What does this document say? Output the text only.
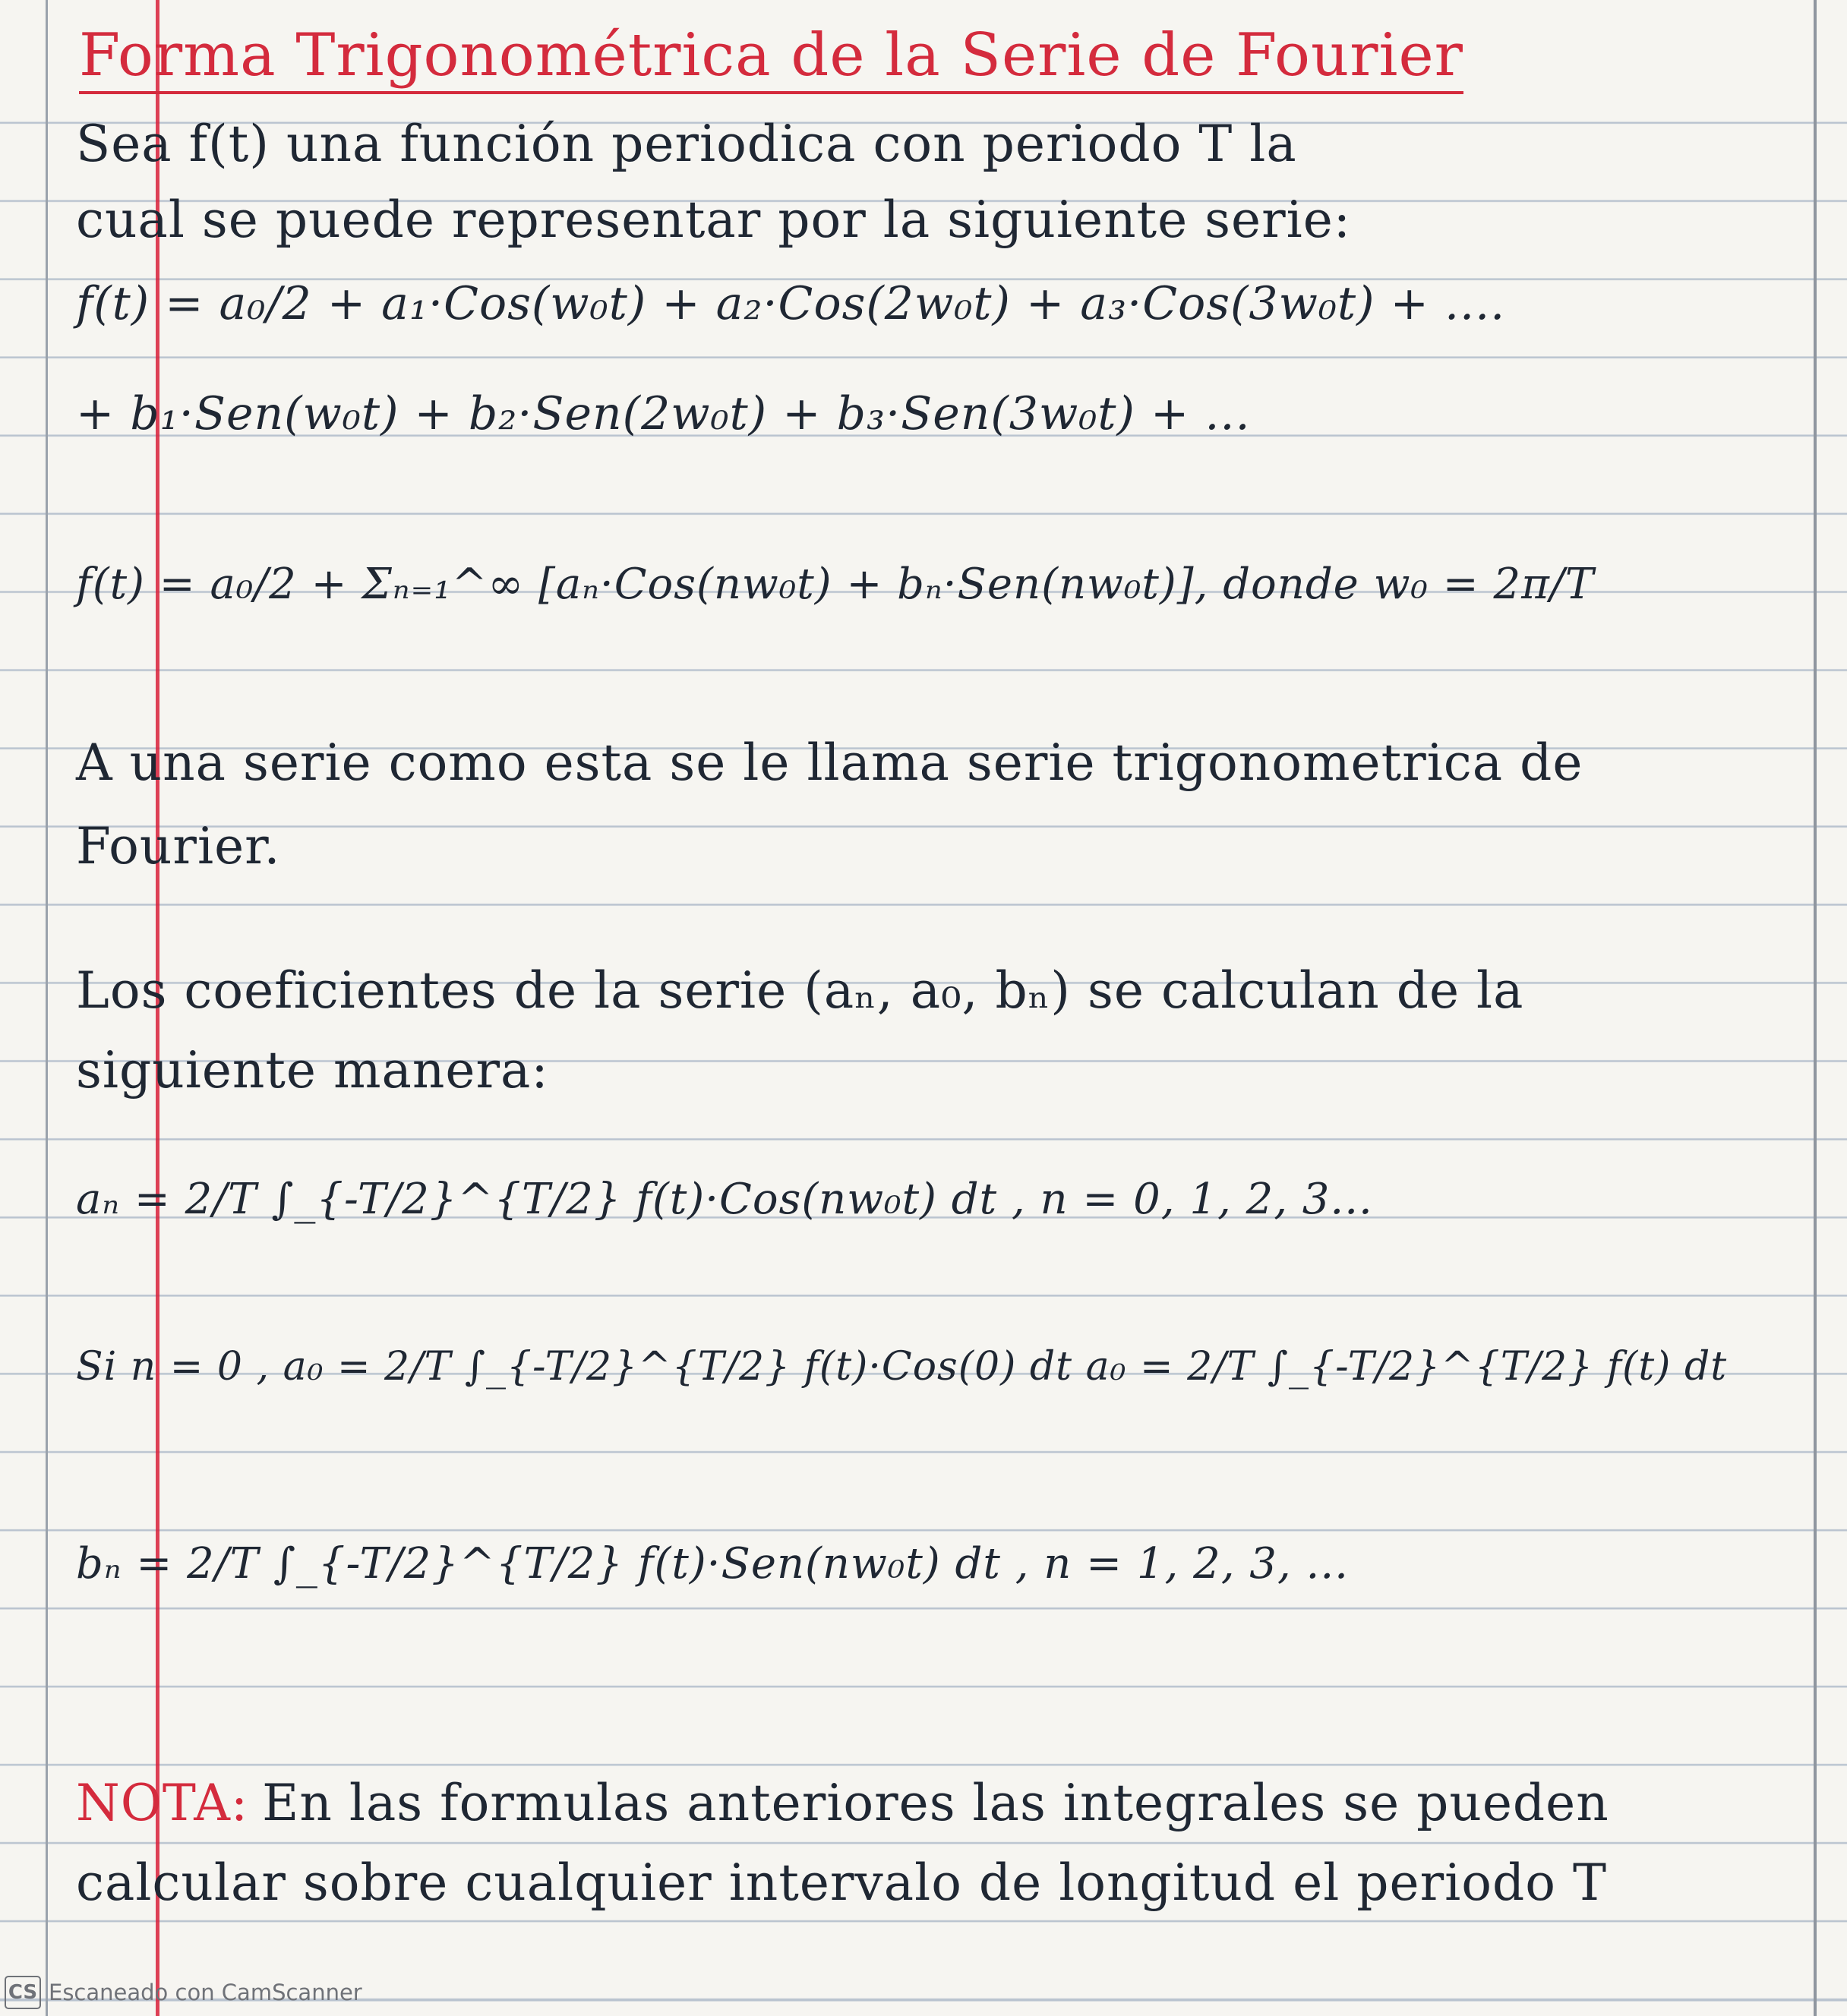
Forma Trigonométrica de la Serie de Fourier
Sea f(t) una función periodica con periodo T la
cual se puede representar por la siguiente serie:
f(t) = a₀/2 + a₁·Cos(w₀t) + a₂·Cos(2w₀t) + a₃·Cos(3w₀t) + ....
+ b₁·Sen(w₀t) + b₂·Sen(2w₀t) + b₃·Sen(3w₀t) + ...
f(t) = a₀/2 + Σₙ₌₁^∞ [aₙ·Cos(nw₀t) + bₙ·Sen(nw₀t)], donde w₀ = 2π/T
A una serie como esta se le llama serie trigonometrica de
Fourier.
Los coeficientes de la serie (aₙ, a₀, bₙ) se calculan de la
siguiente manera:
aₙ = 2/T ∫_{-T/2}^{T/2} f(t)·Cos(nw₀t) dt , n = 0, 1, 2, 3...
Si n = 0 , a₀ = 2/T ∫_{-T/2}^{T/2} f(t)·Cos(0) dt a₀ = 2/T ∫_{-T/2}^{T/2} f(t) dt
bₙ = 2/T ∫_{-T/2}^{T/2} f(t)·Sen(nw₀t) dt , n = 1, 2, 3, ...
NOTA: En las formulas anteriores las integrales se pueden
calcular sobre cualquier intervalo de longitud el periodo T
CS Escaneado con CamScanner
